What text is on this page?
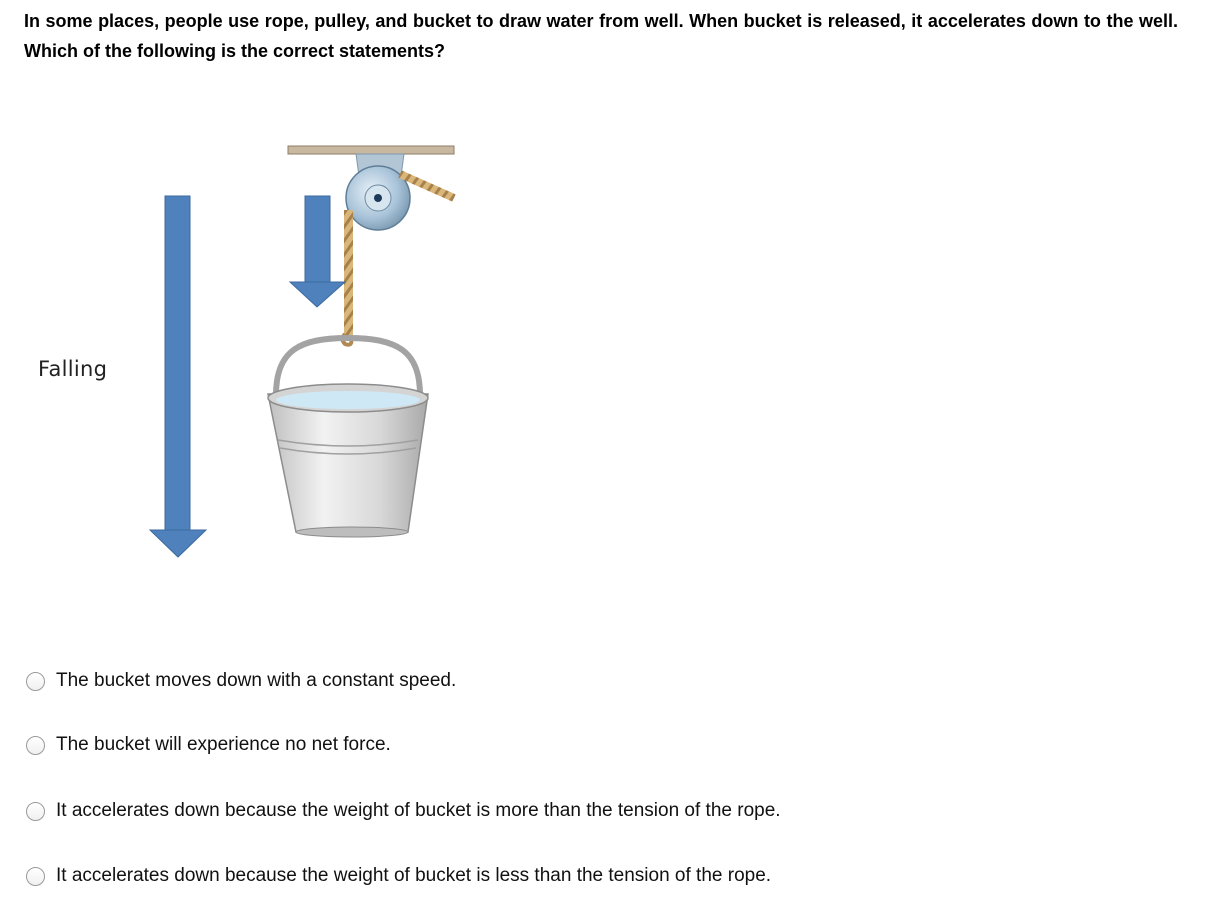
In some places, people use rope, pulley, and bucket to draw water from well. When bucket is released, it accelerates down to the well. Which of the following is the correct statements?
Falling
The bucket moves down with a constant speed.
The bucket will experience no net force.
It accelerates down because the weight of bucket is more than the tension of the rope.
It accelerates down because the weight of bucket is less than the tension of the rope.
